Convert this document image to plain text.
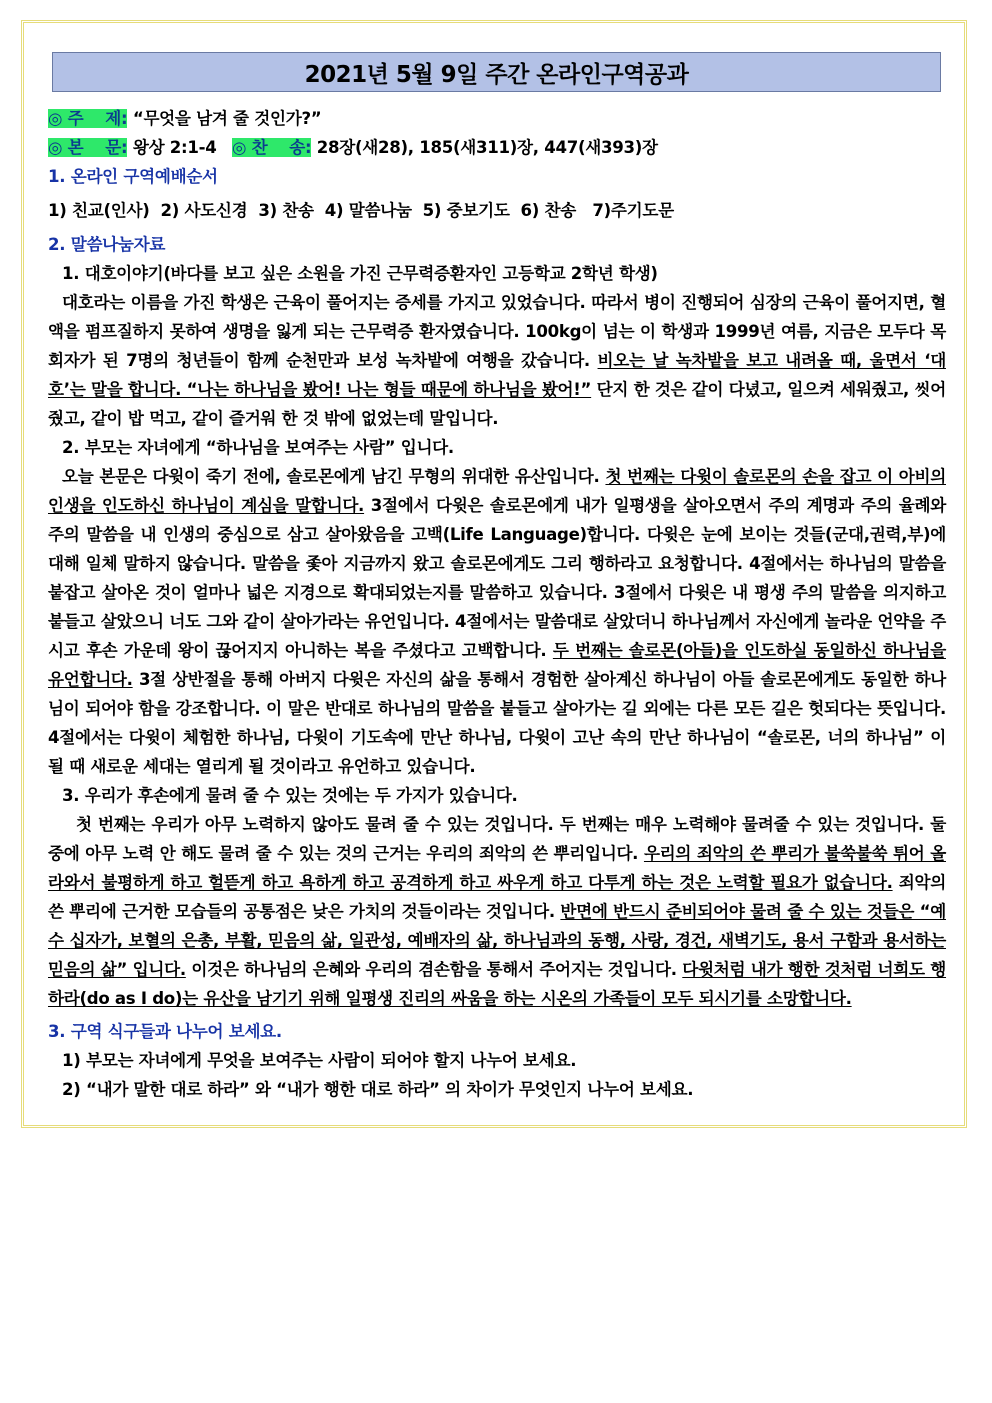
2021년 5월 9일 주간 온라인구역공과
◎ 주    제: “무엇을 남겨 줄 것인가?”
◎ 본    문: 왕상 2:1-4 ◎ 찬    송: 28장(새28), 185(새311)장, 447(새393)장
1. 온라인 구역예배순서
1) 친교(인사)  2) 사도신경  3) 찬송  4) 말씀나눔  5) 중보기도  6) 찬송   7)주기도문
2. 말씀나눔자료

1. 대호이야기(바다를 보고 싶은 소원을 가진 근무력증환자인 고등학교 2학년 학생)

대호라는 이름을 가진 학생은 근육이 풀어지는 증세를 가지고 있었습니다. 따라서 병이 진행되어 심장의 근육이 풀어지면, 혈액을 펌프질하지 못하여 생명을 잃게 되는 근무력증 환자였습니다. 100kg이 넘는 이 학생과 1999년 여름, 지금은 모두다 목회자가 된 7명의 청년들이 함께 순천만과 보성 녹차밭에 여행을 갔습니다. 비오는 날 녹차밭을 보고 내려올 때, 울면서 ‘대호’는 말을 합니다. “나는 하나님을 봤어! 나는 형들 때문에 하나님을 봤어!” 단지 한 것은 같이 다녔고, 일으켜 세워줬고, 씻어줬고, 같이 밥 먹고, 같이 즐거워 한 것 밖에 없었는데 말입니다.

2. 부모는 자녀에게 “하나님을 보여주는 사람” 입니다.

오늘 본문은 다윗이 죽기 전에, 솔로몬에게 남긴 무형의 위대한 유산입니다. 첫 번째는 다윗이 솔로몬의 손을 잡고 이 아비의 인생을 인도하신 하나님이 계심을 말합니다. 3절에서 다윗은 솔로몬에게 내가 일평생을 살아오면서 주의 계명과 주의 율례와 주의 말씀을 내 인생의 중심으로 삼고 살아왔음을 고백(Life Language)합니다. 다윗은 눈에 보이는 것들(군대,권력,부)에 대해 일체 말하지 않습니다. 말씀을 좇아 지금까지 왔고 솔로몬에게도 그리 행하라고 요청합니다. 4절에서는 하나님의 말씀을 붙잡고 살아온 것이 얼마나 넓은 지경으로 확대되었는지를 말씀하고 있습니다. 3절에서 다윗은 내 평생 주의 말씀을 의지하고 붙들고 살았으니 너도 그와 같이 살아가라는 유언입니다. 4절에서는 말씀대로 살았더니 하나님께서 자신에게 놀라운 언약을 주시고 후손 가운데 왕이 끊어지지 아니하는 복을 주셨다고 고백합니다. 두 번째는 솔로몬(아들)을 인도하실 동일하신 하나님을 유언합니다. 3절 상반절을 통해 아버지 다윗은 자신의 삶을 통해서 경험한 살아계신 하나님이 아들 솔로몬에게도 동일한 하나님이 되어야 함을 강조합니다. 이 말은 반대로 하나님의 말씀을 붙들고 살아가는 길 외에는 다른 모든 길은 헛되다는 뜻입니다. 4절에서는 다윗이 체험한 하나님, 다윗이 기도속에 만난 하나님, 다윗이 고난 속의 만난 하나님이 “솔로몬, 너의 하나님” 이 될 때 새로운 세대는 열리게 될 것이라고 유언하고 있습니다.

3. 우리가 후손에게 물려 줄 수 있는 것에는 두 가지가 있습니다.

첫 번째는 우리가 아무 노력하지 않아도 물려 줄 수 있는 것입니다. 두 번째는 매우 노력해야 물려줄 수 있는 것입니다. 둘 중에 아무 노력 안 해도 물려 줄 수 있는 것의 근거는 우리의 죄악의 쓴 뿌리입니다. 우리의 죄악의 쓴 뿌리가 불쑥불쑥 튀어 올라와서 불평하게 하고 헐뜯게 하고 욕하게 하고 공격하게 하고 싸우게 하고 다투게 하는 것은 노력할 필요가 없습니다. 죄악의 쓴 뿌리에 근거한 모습들의 공통점은 낮은 가치의 것들이라는 것입니다. 반면에 반드시 준비되어야 물려 줄 수 있는 것들은 “예수 십자가, 보혈의 은총, 부활, 믿음의 삶, 일관성, 예배자의 삶, 하나님과의 동행, 사랑, 경건, 새벽기도, 용서 구함과 용서하는 믿음의 삶” 입니다. 이것은 하나님의 은혜와 우리의 겸손함을 통해서 주어지는 것입니다. 다윗처럼 내가 행한 것처럼 너희도 행하라(do as I do)는 유산을 남기기 위해 일평생 진리의 싸움을 하는 시온의 가족들이 모두 되시기를 소망합니다.

3. 구역 식구들과 나누어 보세요.

1) 부모는 자녀에게 무엇을 보여주는 사람이 되어야 할지 나누어 보세요.

2) “내가 말한 대로 하라” 와 “내가 행한 대로 하라” 의 차이가 무엇인지 나누어 보세요.
